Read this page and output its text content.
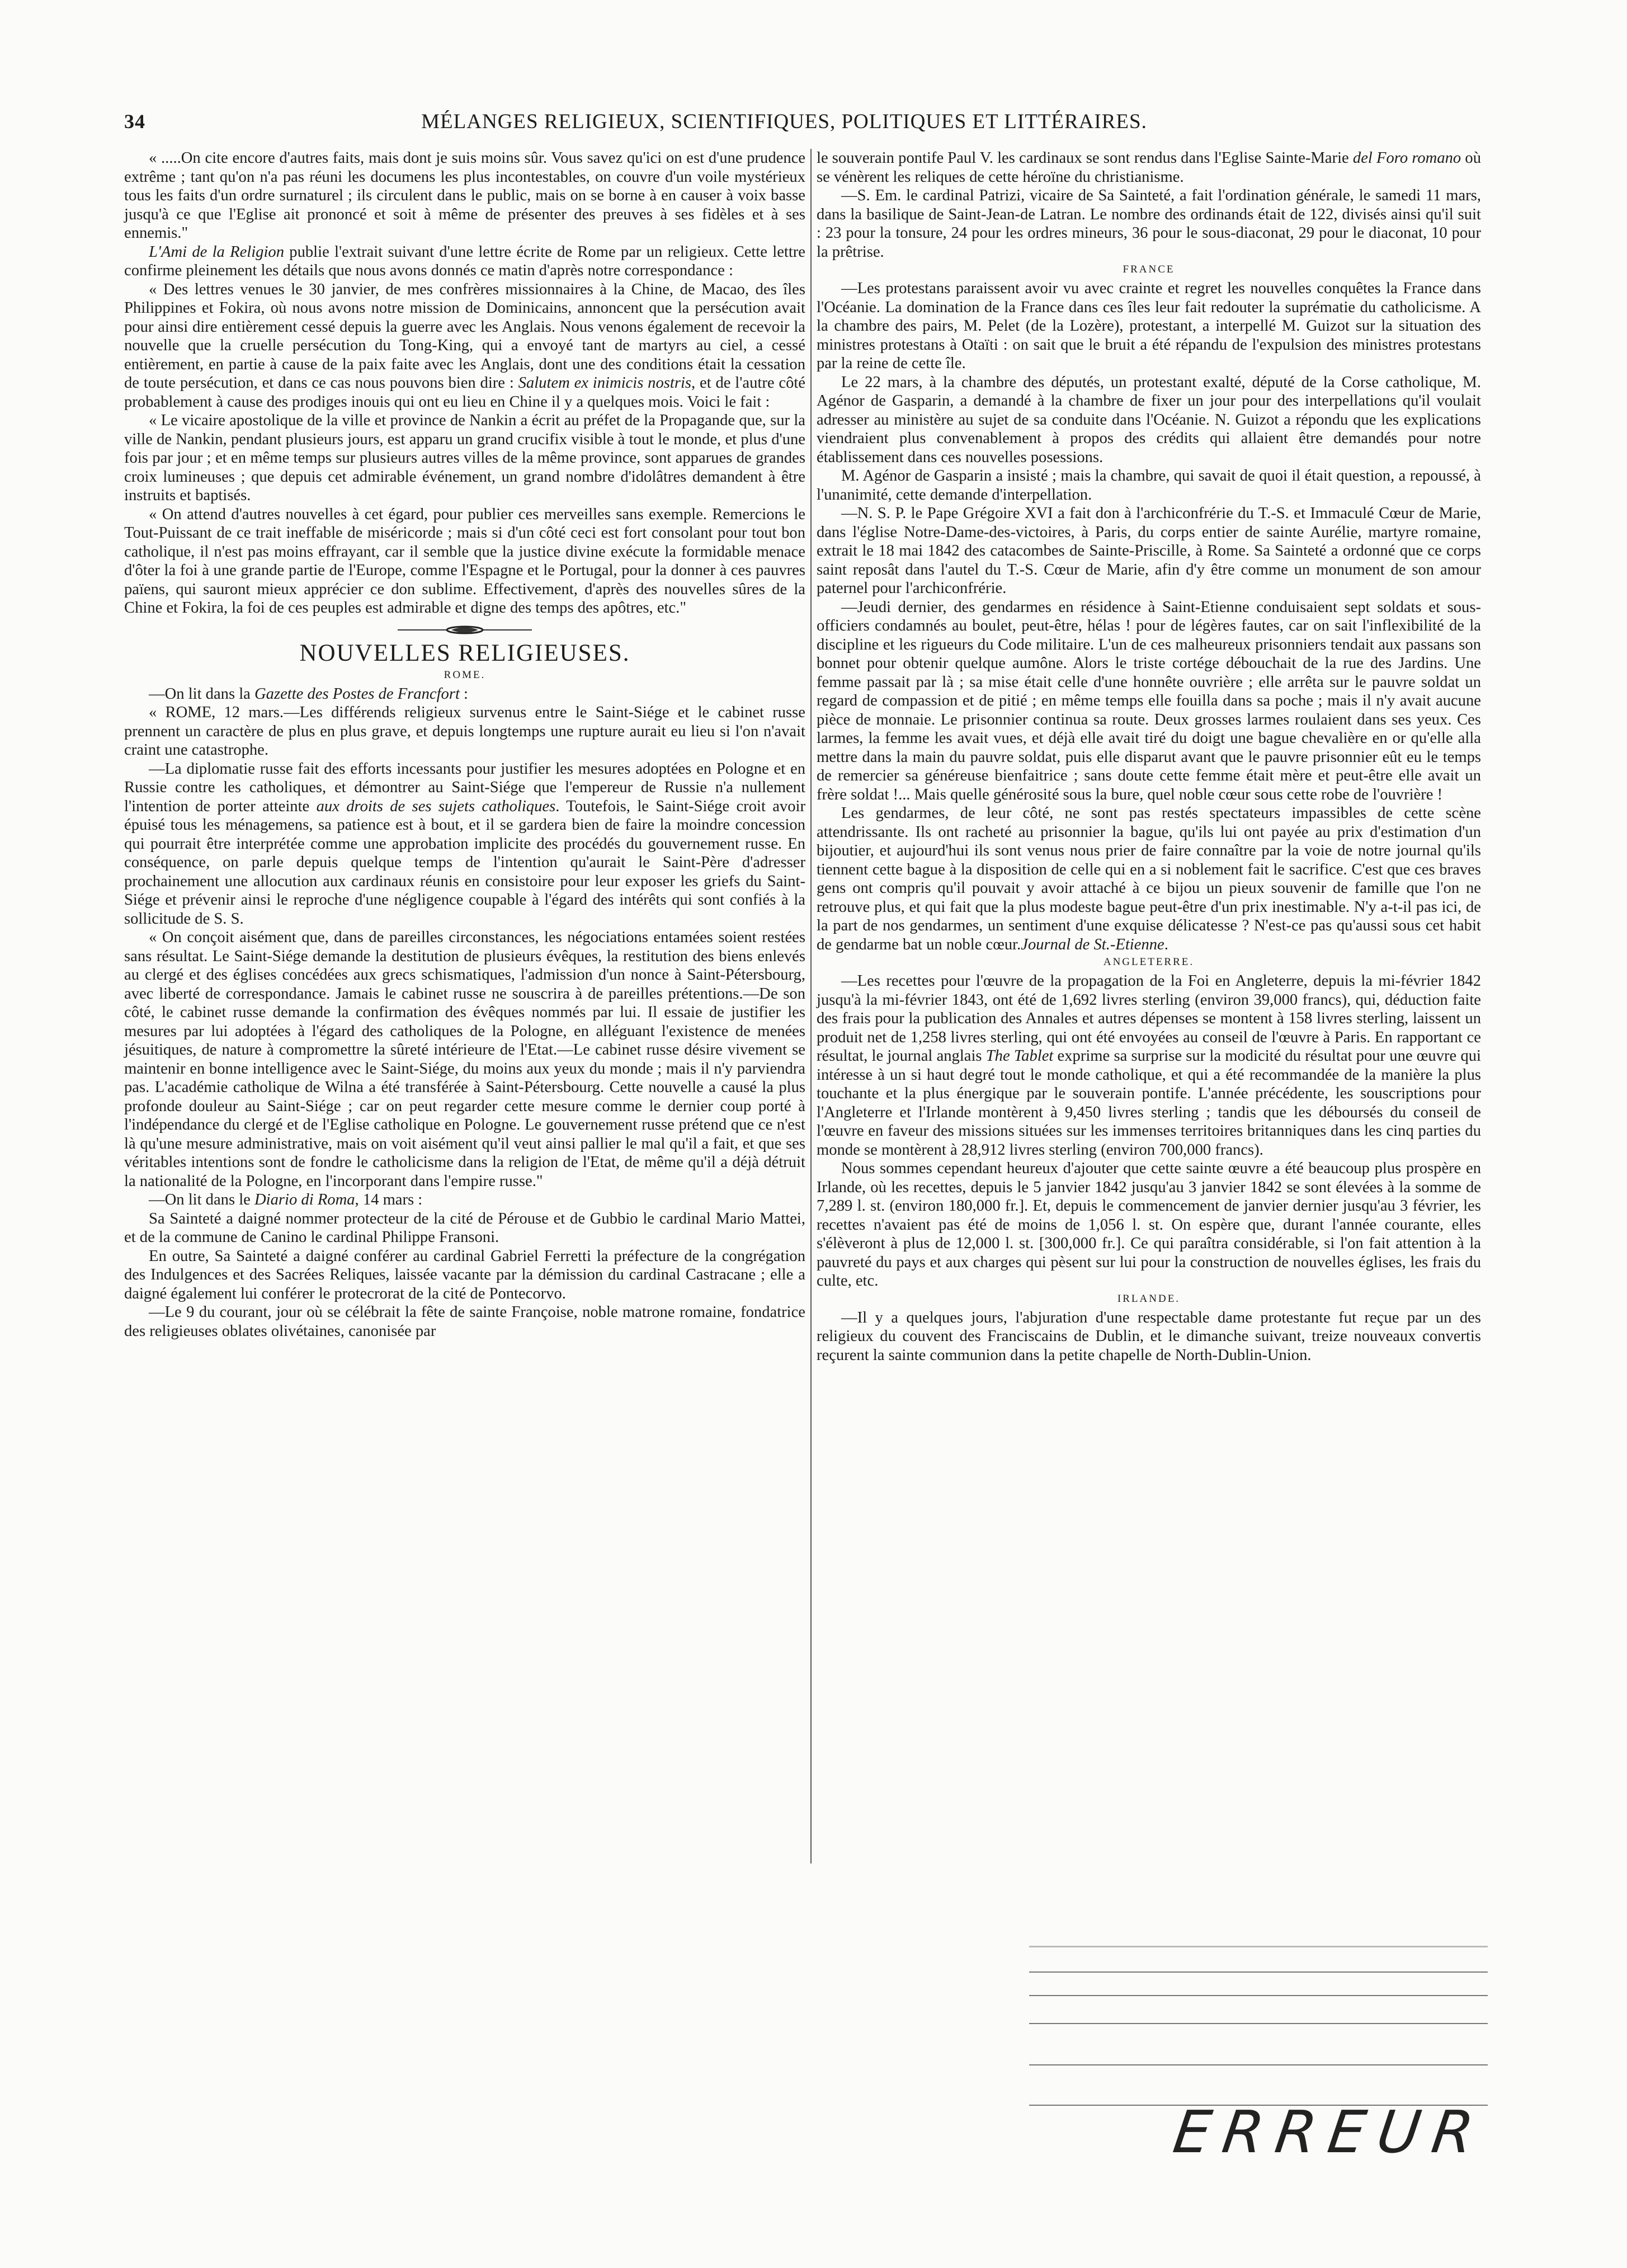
34	MÉLANGES RELIGIEUX, SCIENTIFIQUES, POLITIQUES ET LITTÉRAIRES.

« .....On cite encore d'autres faits, mais dont je suis moins sûr. Vous savez qu'ici on est d'une prudence extrême ; tant qu'on n'a pas réuni les documens les plus incontestables, on couvre d'un voile mystérieux tous les faits d'un ordre surnaturel ; ils circulent dans le public, mais on se borne à en causer à voix basse jusqu'à ce que l'Eglise ait prononcé et soit à même de présenter des preuves à ses fidèles et à ses ennemis."

L'Ami de la Religion publie l'extrait suivant d'une lettre écrite de Rome par un religieux. Cette lettre confirme pleinement les détails que nous avons donnés ce matin d'après notre correspondance :

« Des lettres venues le 30 janvier, de mes confrères missionnaires à la Chine, de Macao, des îles Philippines et Fokira, où nous avons notre mission de Dominicains, annoncent que la persécution avait pour ainsi dire entièrement cessé depuis la guerre avec les Anglais. Nous venons également de recevoir la nouvelle que la cruelle persécution du Tong-King, qui a envoyé tant de martyrs au ciel, a cessé entièrement, en partie à cause de la paix faite avec les Anglais, dont une des conditions était la cessation de toute persécution, et dans ce cas nous pouvons bien dire : Salutem ex inimicis nostris, et de l'autre côté probablement à cause des prodiges inouis qui ont eu lieu en Chine il y a quelques mois. Voici le fait :

« Le vicaire apostolique de la ville et province de Nankin a écrit au préfet de la Propagande que, sur la ville de Nankin, pendant plusieurs jours, est apparu un grand crucifix visible à tout le monde, et plus d'une fois par jour ; et en même temps sur plusieurs autres villes de la même province, sont apparues de grandes croix lumineuses ; que depuis cet admirable événement, un grand nombre d'idolâtres demandent à être instruits et baptisés.

« On attend d'autres nouvelles à cet égard, pour publier ces merveilles sans exemple. Remercions le Tout-Puissant de ce trait ineffable de miséricorde ; mais si d'un côté ceci est fort consolant pour tout bon catholique, il n'est pas moins effrayant, car il semble que la justice divine exécute la formidable menace d'ôter la foi à une grande partie de l'Europe, comme l'Espagne et le Portugal, pour la donner à ces pauvres païens, qui sauront mieux apprécier ce don sublime. Effectivement, d'après des nouvelles sûres de la Chine et Fokira, la foi de ces peuples est admirable et digne des temps des apôtres, etc."

NOUVELLES RELIGIEUSES.
ROME.

—On lit dans la Gazette des Postes de Francfort :

« ROME, 12 mars.—Les différends religieux survenus entre le Saint-Siége et le cabinet russe prennent un caractère de plus en plus grave, et depuis longtemps une rupture aurait eu lieu si l'on n'avait craint une catastrophe.

—La diplomatie russe fait des efforts incessants pour justifier les mesures adoptées en Pologne et en Russie contre les catholiques, et démontrer au Saint-Siége que l'empereur de Russie n'a nullement l'intention de porter atteinte aux droits de ses sujets catholiques. Toutefois, le Saint-Siége croit avoir épuisé tous les ménagemens, sa patience est à bout, et il se gardera bien de faire la moindre concession qui pourrait être interprétée comme une approbation implicite des procédés du gouvernement russe. En conséquence, on parle depuis quelque temps de l'intention qu'aurait le Saint-Père d'adresser prochainement une allocution aux cardinaux réunis en consistoire pour leur exposer les griefs du Saint-Siége et prévenir ainsi le reproche d'une négligence coupable à l'égard des intérêts qui sont confiés à la sollicitude de S. S.

« On conçoit aisément que, dans de pareilles circonstances, les négociations entamées soient restées sans résultat. Le Saint-Siége demande la destitution de plusieurs évêques, la restitution des biens enlevés au clergé et des églises concédées aux grecs schismatiques, l'admission d'un nonce à Saint-Pétersbourg, avec liberté de correspondance. Jamais le cabinet russe ne souscrira à de pareilles prétentions.—De son côté, le cabinet russe demande la confirmation des évêques nommés par lui. Il essaie de justifier les mesures par lui adoptées à l'égard des catholiques de la Pologne, en alléguant l'existence de menées jésuitiques, de nature à compromettre la sûreté intérieure de l'Etat.—Le cabinet russe désire vivement se maintenir en bonne intelligence avec le Saint-Siége, du moins aux yeux du monde ; mais il n'y parviendra pas. L'académie catholique de Wilna a été transférée à Saint-Pétersbourg. Cette nouvelle a causé la plus profonde douleur au Saint-Siége ; car on peut regarder cette mesure comme le dernier coup porté à l'indépendance du clergé et de l'Eglise catholique en Pologne. Le gouvernement russe prétend que ce n'est là qu'une mesure administrative, mais on voit aisément qu'il veut ainsi pallier le mal qu'il a fait, et que ses véritables intentions sont de fondre le catholicisme dans la religion de l'Etat, de même qu'il a déjà détruit la nationalité de la Pologne, en l'incorporant dans l'empire russe."

—On lit dans le Diario di Roma, 14 mars :

Sa Sainteté a daigné nommer protecteur de la cité de Pérouse et de Gubbio le cardinal Mario Mattei, et de la commune de Canino le cardinal Philippe Fransoni.

En outre, Sa Sainteté a daigné conférer au cardinal Gabriel Ferretti la préfecture de la congrégation des Indulgences et des Sacrées Reliques, laissée vacante par la démission du cardinal Castracane ; elle a daigné également lui conférer le protecrorat de la cité de Pontecorvo.

—Le 9 du courant, jour où se célébrait la fête de sainte Françoise, noble matrone romaine, fondatrice des religieuses oblates olivétaines, canonisée par

le souverain pontife Paul V. les cardinaux se sont rendus dans l'Eglise Sainte-Marie del Foro romano où se vénèrent les reliques de cette héroïne du christianisme.

—S. Em. le cardinal Patrizi, vicaire de Sa Sainteté, a fait l'ordination générale, le samedi 11 mars, dans la basilique de Saint-Jean-de Latran. Le nombre des ordinands était de 122, divisés ainsi qu'il suit : 23 pour la tonsure, 24 pour les ordres mineurs, 36 pour le sous-diaconat, 29 pour le diaconat, 10 pour la prêtrise.

FRANCE

—Les protestans paraissent avoir vu avec crainte et regret les nouvelles conquêtes la France dans l'Océanie. La domination de la France dans ces îles leur fait redouter la suprématie du catholicisme. A la chambre des pairs, M. Pelet (de la Lozère), protestant, a interpellé M. Guizot sur la situation des ministres protestans à Otaïti : on sait que le bruit a été répandu de l'expulsion des ministres protestans par la reine de cette île.

Le 22 mars, à la chambre des députés, un protestant exalté, député de la Corse catholique, M. Agénor de Gasparin, a demandé à la chambre de fixer un jour pour des interpellations qu'il voulait adresser au ministère au sujet de sa conduite dans l'Océanie. N. Guizot a répondu que les explications viendraient plus convenablement à propos des crédits qui allaient être demandés pour notre établissement dans ces nouvelles posessions.

M. Agénor de Gasparin a insisté ; mais la chambre, qui savait de quoi il était question, a repoussé, à l'unanimité, cette demande d'interpellation.

—N. S. P. le Pape Grégoire XVI a fait don à l'archiconfrérie du T.-S. et Immaculé Cœur de Marie, dans l'église Notre-Dame-des-victoires, à Paris, du corps entier de sainte Aurélie, martyre romaine, extrait le 18 mai 1842 des catacombes de Sainte-Priscille, à Rome. Sa Sainteté a ordonné que ce corps saint reposât dans l'autel du T.-S. Cœur de Marie, afin d'y être comme un monument de son amour paternel pour l'archiconfrérie.

—Jeudi dernier, des gendarmes en résidence à Saint-Etienne conduisaient sept soldats et sous-officiers condamnés au boulet, peut-être, hélas ! pour de légères fautes, car on sait l'inflexibilité de la discipline et les rigueurs du Code militaire. L'un de ces malheureux prisonniers tendait aux passans son bonnet pour obtenir quelque aumône. Alors le triste cortége débouchait de la rue des Jardins. Une femme passait par là ; sa mise était celle d'une honnête ouvrière ; elle arrêta sur le pauvre soldat un regard de compassion et de pitié ; en même temps elle fouilla dans sa poche ; mais il n'y avait aucune pièce de monnaie. Le prisonnier continua sa route. Deux grosses larmes roulaient dans ses yeux. Ces larmes, la femme les avait vues, et déjà elle avait tiré du doigt une bague chevalière en or qu'elle alla mettre dans la main du pauvre soldat, puis elle disparut avant que le pauvre prisonnier eût eu le temps de remercier sa généreuse bienfaitrice ; sans doute cette femme était mère et peut-être elle avait un frère soldat !... Mais quelle générosité sous la bure, quel noble cœur sous cette robe de l'ouvrière !

Les gendarmes, de leur côté, ne sont pas restés spectateurs impassibles de cette scène attendrissante. Ils ont racheté au prisonnier la bague, qu'ils lui ont payée au prix d'estimation d'un bijoutier, et aujourd'hui ils sont venus nous prier de faire connaître par la voie de notre journal qu'ils tiennent cette bague à la disposition de celle qui en a si noblement fait le sacrifice. C'est que ces braves gens ont compris qu'il pouvait y avoir attaché à ce bijou un pieux souvenir de famille que l'on ne retrouve plus, et qui fait que la plus modeste bague peut-être d'un prix inestimable. N'y a-t-il pas ici, de la part de nos gendarmes, un sentiment d'une exquise délicatesse ? N'est-ce pas qu'aussi sous cet habit de gendarme bat un noble cœur.Journal de St.-Etienne.

ANGLETERRE.

—Les recettes pour l'œuvre de la propagation de la Foi en Angleterre, depuis la mi-février 1842 jusqu'à la mi-février 1843, ont été de 1,692 livres sterling (environ 39,000 francs), qui, déduction faite des frais pour la publication des Annales et autres dépenses se montent à 158 livres sterling, laissent un produit net de 1,258 livres sterling, qui ont été envoyées au conseil de l'œuvre à Paris. En rapportant ce résultat, le journal anglais The Tablet exprime sa surprise sur la modicité du résultat pour une œuvre qui intéresse à un si haut degré tout le monde catholique, et qui a été recommandée de la manière la plus touchante et la plus énergique par le souverain pontife. L'année précédente, les souscriptions pour l'Angleterre et l'Irlande montèrent à 9,450 livres sterling ; tandis que les déboursés du conseil de l'œuvre en faveur des missions situées sur les immenses territoires britanniques dans les cinq parties du monde se montèrent à 28,912 livres sterling (environ 700,000 francs).

Nous sommes cependant heureux d'ajouter que cette sainte œuvre a été beaucoup plus prospère en Irlande, où les recettes, depuis le 5 janvier 1842 jusqu'au 3 janvier 1842 se sont élevées à la somme de 7,289 l. st. (environ 180,000 fr.]. Et, depuis le commencement de janvier dernier jusqu'au 3 février, les recettes n'avaient pas été de moins de 1,056 l. st. On espère que, durant l'année courante, elles s'élèveront à plus de 12,000 l. st. [300,000 fr.]. Ce qui paraîtra considérable, si l'on fait attention à la pauvreté du pays et aux charges qui pèsent sur lui pour la construction de nouvelles églises, les frais du culte, etc.

IRLANDE.

—Il y a quelques jours, l'abjuration d'une respectable dame protestante fut reçue par un des religieux du couvent des Franciscains de Dublin, et le dimanche suivant, treize nouveaux convertis reçurent la sainte communion dans la petite chapelle de North-Dublin-Union.

ERREUR
